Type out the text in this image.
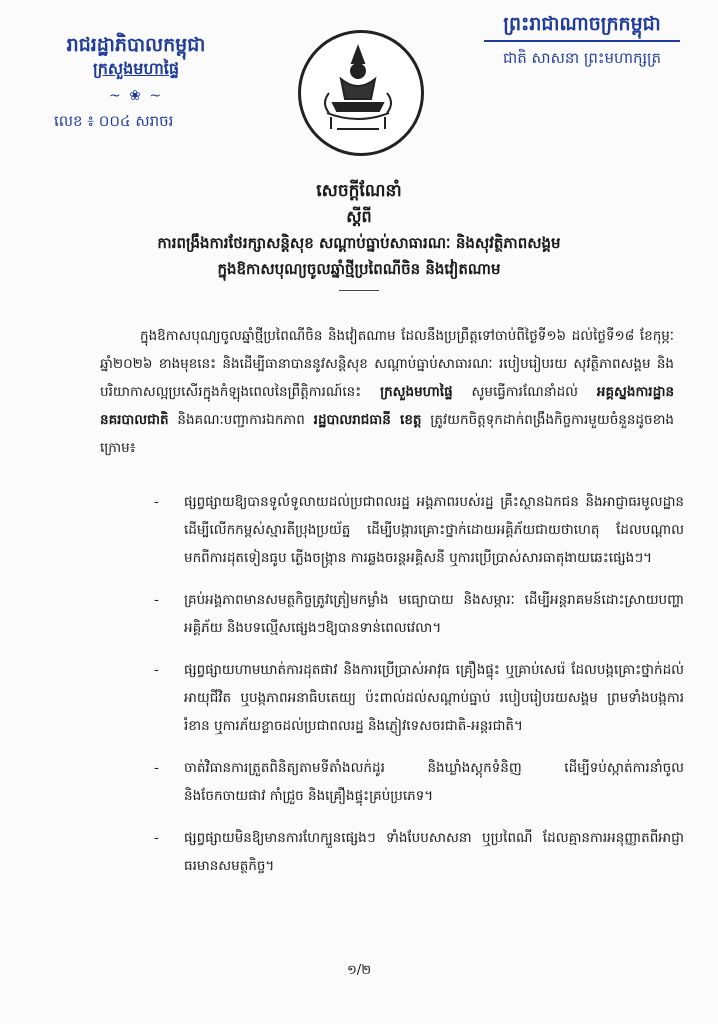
រាជរដ្ឋាភិបាលកម្ពុជា
ក្រសួងមហាផ្ទៃ
~ ❀ ~
លេខ ៖ ០០៤ សរាចរ
ព្រះរាជាណាចក្រកម្ពុជា
ជាតិ សាសនា ព្រះមហាក្សត្រ
សេចក្តីណែនាំ
ស្តីពី
ការពង្រឹងការថែរក្សាសន្តិសុខ សណ្តាប់ធ្នាប់សាធារណៈ និងសុវត្ថិភាពសង្គម
ក្នុងឱកាសបុណ្យចូលឆ្នាំថ្មីប្រពៃណីចិន និងវៀតណាម
ក្នុងឱកាសបុណ្យចូលឆ្នាំថ្មីប្រពៃណីចិន និងវៀតណាម ដែលនឹងប្រព្រឹត្តទៅចាប់ពីថ្ងៃទី១៦ ដល់ថ្ងៃទី១៨ ខែកុម្ភៈ ឆ្នាំ២០២៦ ខាងមុខនេះ និងដើម្បីធានាបាននូវសន្តិសុខ សណ្តាប់ធ្នាប់សាធារណៈ របៀបរៀបរយ សុវត្ថិភាពសង្គម និងបរិយាកាសល្អប្រសើរក្នុងកំឡុងពេលនៃព្រឹត្តិការណ៍នេះ ក្រសួងមហាផ្ទៃ សូមធ្វើការណែនាំដល់ អគ្គស្នងការដ្ឋាននគរបាលជាតិ និងគណៈបញ្ជាការឯកភាព រដ្ឋបាលរាជធានី ខេត្ត ត្រូវយកចិត្តទុកដាក់ពង្រឹងកិច្ចការមួយចំនួនដូចខាងក្រោម៖
- ផ្សព្វផ្សាយឱ្យបានទូលំទូលាយដល់ប្រជាពលរដ្ឋ អង្គភាពរបស់រដ្ឋ គ្រឹះស្ថានឯកជន និងអាជ្ញាធរមូលដ្ឋាន ដើម្បីលើកកម្ពស់ស្មារតីប្រុងប្រយ័ត្ន ដើម្បីបង្ការគ្រោះថ្នាក់ដោយអគ្គិភ័យជាយថាហេតុ ដែលបណ្តាលមកពីការដុតទៀនធូប ភ្លើងចង្ក្រាន ការឆ្លងចរន្តអគ្គិសនី ឬការប្រើប្រាស់សារធាតុងាយឆេះផ្សេងៗ។
- គ្រប់អង្គភាពមានសមត្ថកិច្ចត្រូវត្រៀមកម្លាំង មធ្យោបាយ និងសម្ភារៈ ដើម្បីអន្តរាគមន៍ដោះស្រាយបញ្ហាអគ្គិភ័យ និងបទល្មើសផ្សេងៗឱ្យបានទាន់ពេលវេលា។
- ផ្សព្វផ្សាយហាមឃាត់ការដុតផាវ និងការប្រើប្រាស់អាវុធ គ្រឿងផ្ទុះ ឬគ្រាប់សេរ៉េ ដែលបង្កគ្រោះថ្នាក់ដល់អាយុជីវិត ឬបង្កភាពអនាធិបតេយ្យ ប៉ះពាល់ដល់សណ្តាប់ធ្នាប់ របៀបរៀបរយសង្គម ព្រមទាំងបង្កការរំខាន ឬការភ័យខ្លាចដល់ប្រជាពលរដ្ឋ និងភ្ញៀវទេសចរជាតិ-អន្តរជាតិ។
- ចាត់វិធានការត្រួតពិនិត្យតាមទីតាំងលក់ដូរ និងឃ្លាំងស្តុកទំនិញ ដើម្បីទប់ស្កាត់ការនាំចូល និងចែកចាយផាវ កាំជ្រួច និងគ្រឿងផ្ទុះគ្រប់ប្រភេទ។
- ផ្សព្វផ្សាយមិនឱ្យមានការហែក្បួនផ្សេងៗ ទាំងបែបសាសនា ឬប្រពៃណី ដែលគ្មានការអនុញ្ញាតពីអាជ្ញាធរមានសមត្ថកិច្ច។
១/២
